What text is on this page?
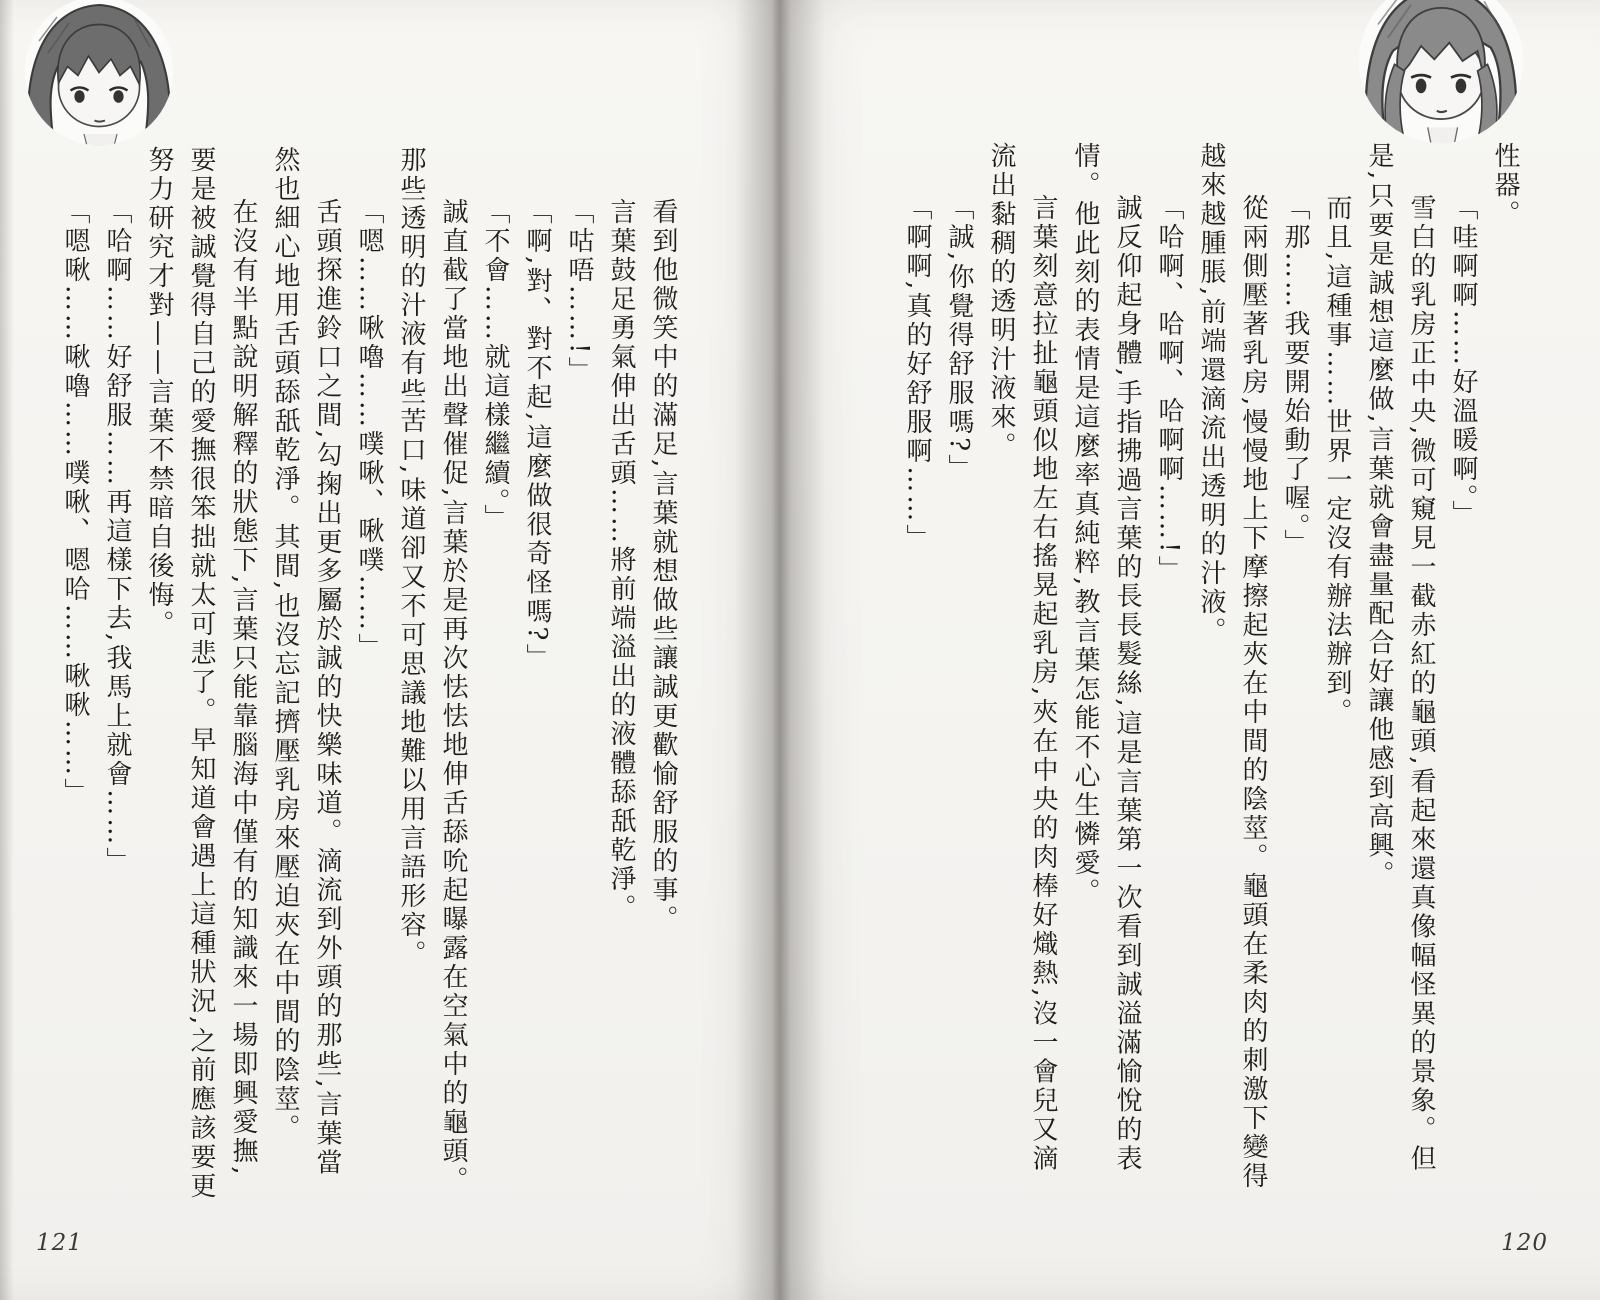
性器。
「哇啊啊……好溫暖啊。」
雪白的乳房正中央,微可窺見一截赤紅的龜頭,看起來還真像幅怪異的景象。但
是,只要是誠想這麼做,言葉就會盡量配合好讓他感到高興。
而且,這種事……世界一定沒有辦法辦到。
「那……我要開始動了喔。」
從兩側壓著乳房,慢慢地上下摩擦起夾在中間的陰莖。龜頭在柔肉的刺激下變得
越來越腫脹,前端還滴流出透明的汁液。
「哈啊、哈啊、哈啊啊……!」
誠反仰起身體,手指拂過言葉的長長髮絲,這是言葉第一次看到誠溢滿愉悅的表
情。他此刻的表情是這麼率真純粹,教言葉怎能不心生憐愛。
言葉刻意拉扯龜頭似地左右搖晃起乳房,夾在中央的肉棒好熾熱,沒一會兒又滴
流出黏稠的透明汁液來。
「誠,你覺得舒服嗎?」
「啊啊,真的好舒服啊……」
看到他微笑中的滿足,言葉就想做些讓誠更歡愉舒服的事。
言葉鼓足勇氣伸出舌頭……將前端溢出的液體舔舐乾淨。
「咕唔……!」
「啊,對、對不起,這麼做很奇怪嗎?」
「不會……就這樣繼續。」
誠直截了當地出聲催促,言葉於是再次怯怯地伸舌舔吮起曝露在空氣中的龜頭。
那些透明的汁液有些苦口,味道卻又不可思議地難以用言語形容。
「嗯……啾嚕……噗啾、啾噗……」
舌頭探進鈴口之間,勾掬出更多屬於誠的快樂味道。滴流到外頭的那些,言葉當
然也細心地用舌頭舔舐乾淨。其間,也沒忘記擠壓乳房來壓迫夾在中間的陰莖。
在沒有半點說明解釋的狀態下,言葉只能靠腦海中僅有的知識來一場即興愛撫,
要是被誠覺得自己的愛撫很笨拙就太可悲了。早知道會遇上這種狀況,之前應該要更
努力研究才對——言葉不禁暗自後悔。
「哈啊……好舒服……再這樣下去,我馬上就會……」
「嗯啾……啾嚕……噗啾、嗯哈……啾啾……」
121	120
